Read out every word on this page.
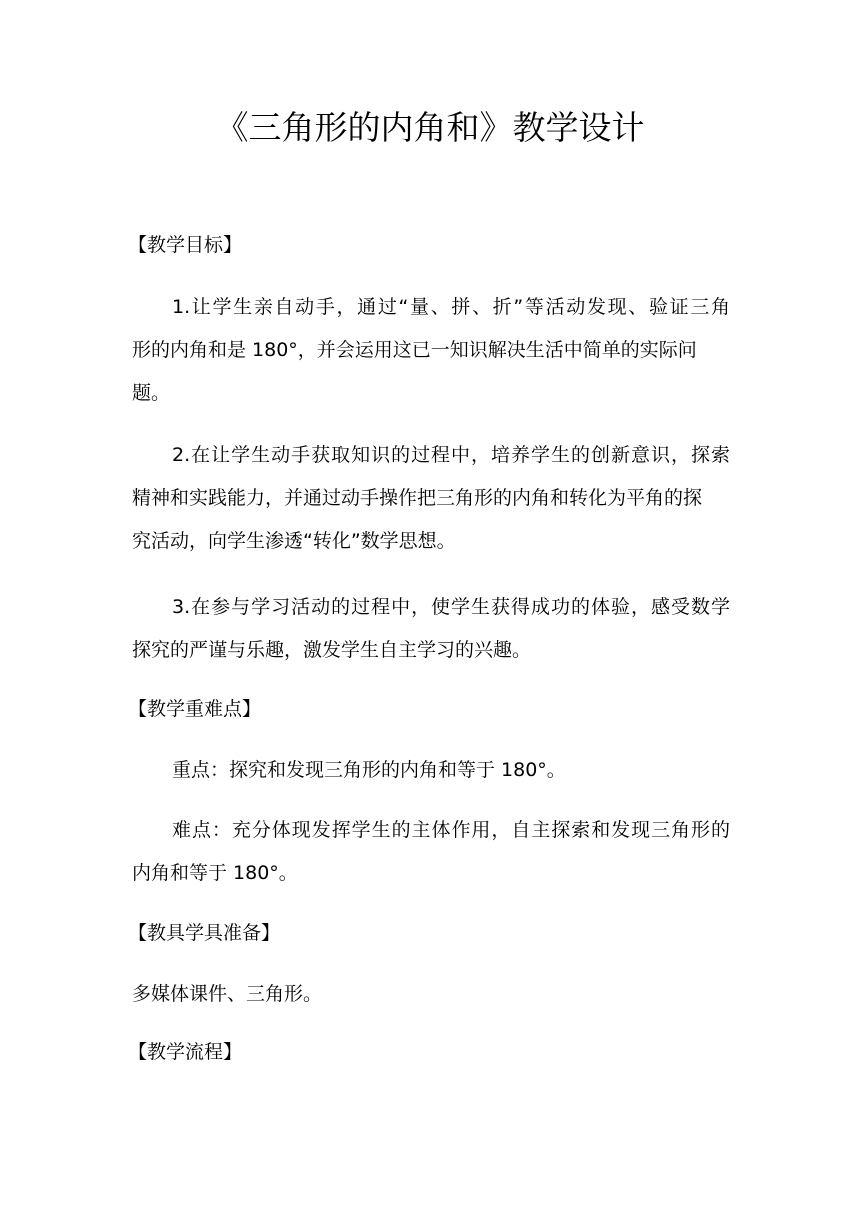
《三角形的内角和》教学设计
【教学目标】
1.让学生亲自动手，通过“量、拼、折”等活动发现、验证三角
形的内角和是 180°，并会运用这已一知识解决生活中简单的实际问
题。
2.在让学生动手获取知识的过程中，培养学生的创新意识，探索
精神和实践能力，并通过动手操作把三角形的内角和转化为平角的探
究活动，向学生渗透“转化”数学思想。
3.在参与学习活动的过程中，使学生获得成功的体验，感受数学
探究的严谨与乐趣，激发学生自主学习的兴趣。
【教学重难点】
重点：探究和发现三角形的内角和等于 180°。
难点：充分体现发挥学生的主体作用，自主探索和发现三角形的
内角和等于 180°。
【教具学具准备】
多媒体课件、三角形。
【教学流程】
